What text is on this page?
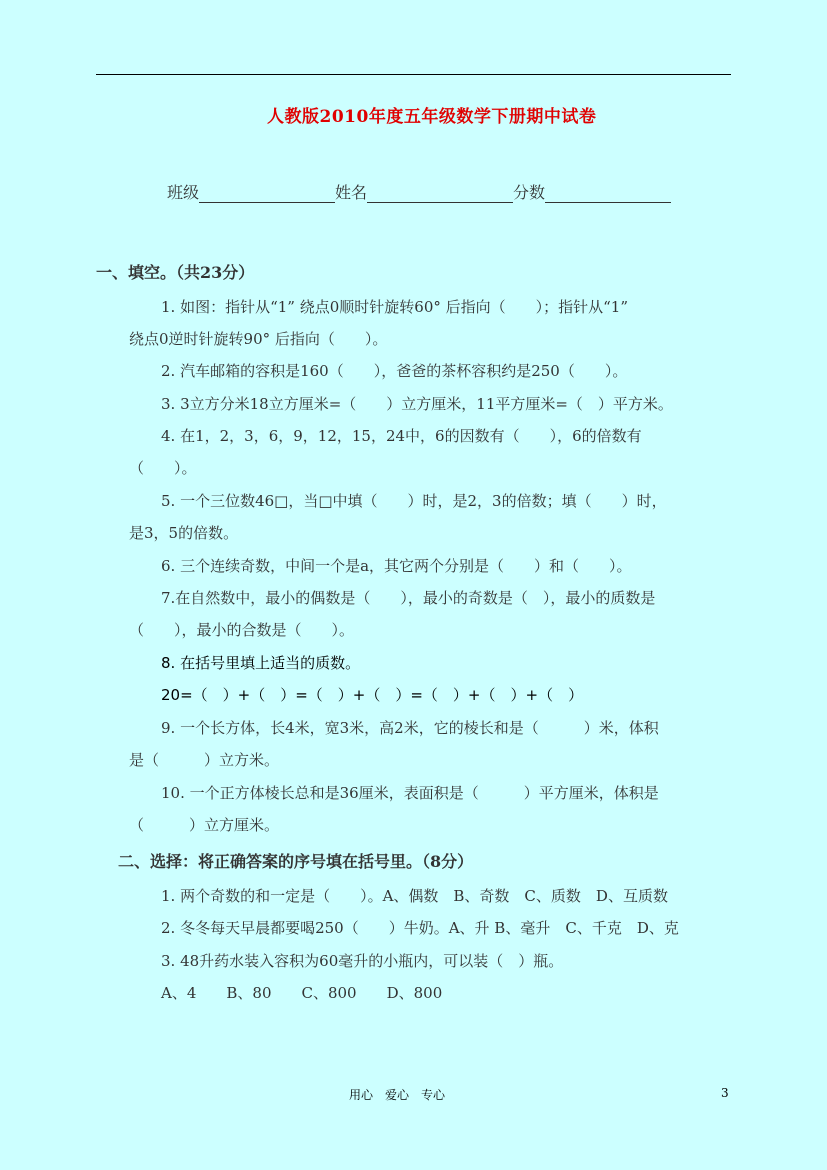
人教版2010年度五年级数学下册期中试卷
班级	姓名	分数
一、填空。（共23分）
1. 如图：指针从“1” 绕点0顺时针旋转60° 后指向（　　）；指针从“1”
绕点0逆时针旋转90° 后指向（　　）。
2. 汽车邮箱的容积是160（　　），爸爸的茶杯容积约是250（　　）。
3. 3立方分米18立方厘米=（　　）立方厘米，11平方厘米=（　）平方米。
4. 在1，2，3，6，9，12，15，24中，6的因数有（　　），6的倍数有
（　　）。
5. 一个三位数46□，当□中填（　　）时，是2，3的倍数；填（　　）时，
是3，5的倍数。
6. 三个连续奇数，中间一个是a，其它两个分别是（　　）和（　　）。
7.在自然数中，最小的偶数是（　　），最小的奇数是（　），最小的质数是
（　　），最小的合数是（　　）。
8. 在括号里填上适当的质数。
20=（　）+（　）=（　）+（　）=（　）+（　）+（　）
9. 一个长方体，长4米，宽3米，高2米，它的棱长和是（　　　）米，体积
是（　　　）立方米。
10. 一个正方体棱长总和是36厘米，表面积是（　　　）平方厘米，体积是
（　　　）立方厘米。
二、选择：将正确答案的序号填在括号里。（8分）
1. 两个奇数的和一定是（　　）。A、偶数　B、奇数　C、质数　D、互质数
2. 冬冬每天早晨都要喝250（　　）牛奶。A、升 B、毫升　C、千克　D、克
3. 48升药水装入容积为60毫升的小瓶内，可以装（　）瓶。
A、4　　B、80　　C、800　　D、800
用心　爱心　专心	3
